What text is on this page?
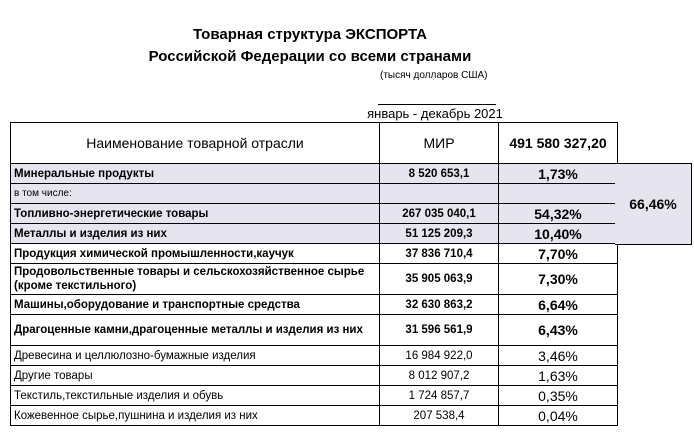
Товарная структура ЭКСПОРТА
Российской Федерации со всеми странами
(тысяч долларов США)
январь - декабрь 2021
Наименование товарной отрасли	МИР	491 580 327,20
Минеральные продукты	8 520 653,1	1,73%
в том числе:		
Топливно-энергетические товары	267 035 040,1	54,32%
Металлы и изделия из них	51 125 209,3	10,40%
Продукция химической промышленности,каучук	37 836 710,4	7,70%
Продовольственные товары и сельскохозяйственное сырье (кроме текстильного)	35 905 063,9	7,30%
Машины,оборудование и транспортные средства	32 630 863,2	6,64%
Драгоценные камни,драгоценные металлы и изделия из них	31 596 561,9	6,43%
Древесина и целлюлозно-бумажные изделия	16 984 922,0	3,46%
Другие товары	8 012 907,2	1,63%
Текстиль,текстильные изделия и обувь	1 724 857,7	0,35%
Кожевенное сырье,пушнина и изделия из них	207 538,4	0,04%
66,46%
